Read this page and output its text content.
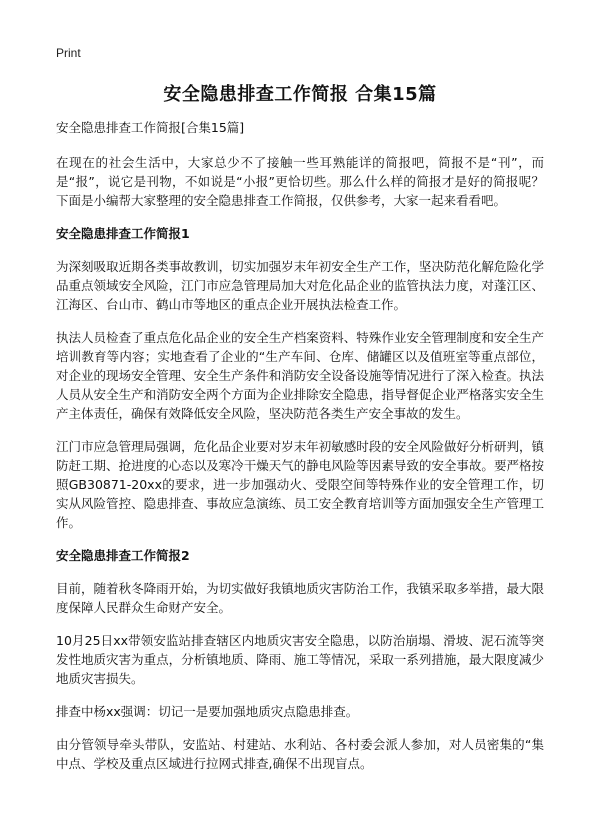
Print
安全隐患排查工作简报 合集15篇
安全隐患排查工作简报[合集15篇]

在现在的社会生活中，大家总少不了接触一些耳熟能详的简报吧，简报不是“刊”，而是“报”，说它是刊物，不如说是“小报”更恰切些。那么什么样的简报才是好的简报呢？下面是小编帮大家整理的安全隐患排查工作简报，仅供参考，大家一起来看看吧。

安全隐患排查工作简报1

为深刻吸取近期各类事故教训，切实加强岁末年初安全生产工作，坚决防范化解危险化学品重点领域安全风险，江门市应急管理局加大对危化品企业的监管执法力度，对蓬江区、江海区、台山市、鹤山市等地区的重点企业开展执法检查工作。

执法人员检查了重点危化品企业的安全生产档案资料、特殊作业安全管理制度和安全生产培训教育等内容；实地查看了企业的“生产车间、仓库、储罐区以及值班室等重点部位，对企业的现场安全管理、安全生产条件和消防安全设备设施等情况进行了深入检查。执法人员从安全生产和消防安全两个方面为企业排除安全隐患，指导督促企业严格落实安全生产主体责任，确保有效降低安全风险，坚决防范各类生产安全事故的发生。

江门市应急管理局强调，危化品企业要对岁末年初敏感时段的安全风险做好分析研判，镇防赶工期、抢进度的心态以及寒冷干燥天气的静电风险等因素导致的安全事故。要严格按照GB30871-20xx的要求，进一步加强动火、受限空间等特殊作业的安全管理工作，切实从风险管控、隐患排查、事故应急演练、员工安全教育培训等方面加强安全生产管理工作。

安全隐患排查工作简报2

目前，随着秋冬降雨开始，为切实做好我镇地质灾害防治工作，我镇采取多举措，最大限度保障人民群众生命财产安全。

10月25日xx带领安监站排查辖区内地质灾害安全隐患，以防治崩塌、滑坡、泥石流等突发性地质灾害为重点，分析镇地质、降雨、施工等情况，采取一系列措施，最大限度减少地质灾害损失。

排查中杨xx强调：切记一是要加强地质灾点隐患排查。

由分管领导牵头带队，安监站、村建站、水利站、各村委会派人参加，对人员密集的“集中点、学校及重点区域进行拉网式排查,确保不出现盲点。
